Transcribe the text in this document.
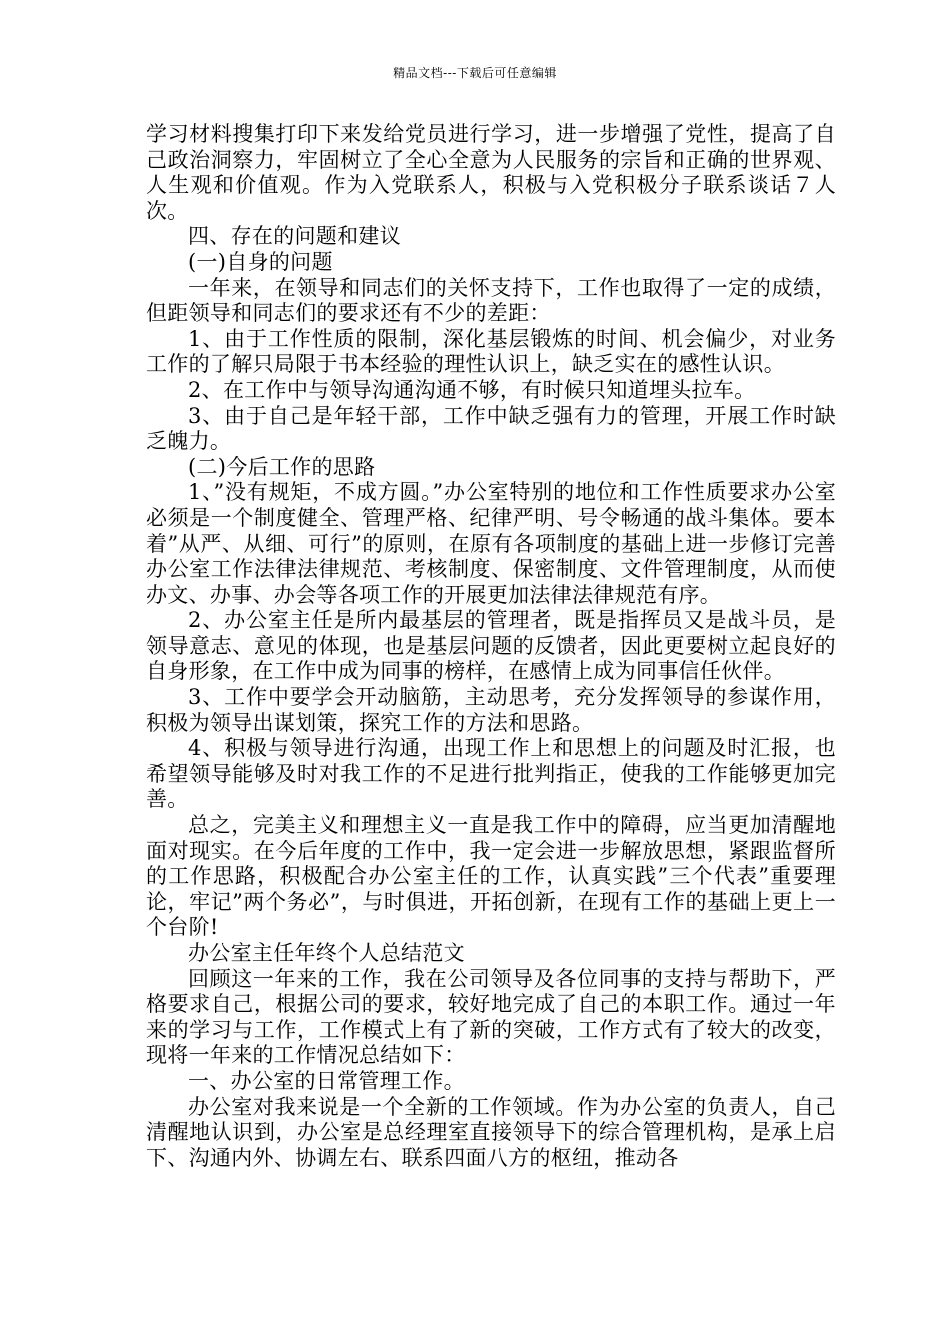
精品文档---下载后可任意编辑

学习材料搜集打印下来发给党员进行学习，进一步增强了党性，提高了自己政治洞察力，牢固树立了全心全意为人民服务的宗旨和正确的世界观、人生观和价值观。作为入党联系人，积极与入党积极分子联系谈话７人次。

四、存在的问题和建议

(一)自身的问题

一年来，在领导和同志们的关怀支持下，工作也取得了一定的成绩，但距领导和同志们的要求还有不少的差距：

1、由于工作性质的限制，深化基层锻炼的时间、机会偏少，对业务工作的了解只局限于书本经验的理性认识上，缺乏实在的感性认识。

2、在工作中与领导沟通沟通不够，有时候只知道埋头拉车。

3、由于自己是年轻干部，工作中缺乏强有力的管理，开展工作时缺乏魄力。

(二)今后工作的思路

1、”没有规矩，不成方圆。”办公室特别的地位和工作性质要求办公室必须是一个制度健全、管理严格、纪律严明、号令畅通的战斗集体。要本着”从严、从细、可行”的原则，在原有各项制度的基础上进一步修订完善办公室工作法律法律规范、考核制度、保密制度、文件管理制度，从而使办文、办事、办会等各项工作的开展更加法律法律规范有序。

2、办公室主任是所内最基层的管理者，既是指挥员又是战斗员，是领导意志、意见的体现，也是基层问题的反馈者，因此更要树立起良好的自身形象，在工作中成为同事的榜样，在感情上成为同事信任伙伴。

3、工作中要学会开动脑筋，主动思考，充分发挥领导的参谋作用，积极为领导出谋划策，探究工作的方法和思路。

4、积极与领导进行沟通，出现工作上和思想上的问题及时汇报，也希望领导能够及时对我工作的不足进行批判指正，使我的工作能够更加完善。

总之，完美主义和理想主义一直是我工作中的障碍，应当更加清醒地面对现实。在今后年度的工作中，我一定会进一步解放思想，紧跟监督所的工作思路，积极配合办公室主任的工作，认真实践”三个代表”重要理论，牢记”两个务必”，与时俱进，开拓创新，在现有工作的基础上更上一个台阶!

办公室主任年终个人总结范文

回顾这一年来的工作，我在公司领导及各位同事的支持与帮助下，严格要求自己，根据公司的要求，较好地完成了自己的本职工作。通过一年来的学习与工作，工作模式上有了新的突破，工作方式有了较大的改变，现将一年来的工作情况总结如下：

一、办公室的日常管理工作。

办公室对我来说是一个全新的工作领域。作为办公室的负责人，自己清醒地认识到，办公室是总经理室直接领导下的综合管理机构，是承上启下、沟通内外、协调左右、联系四面八方的枢纽，推动各
